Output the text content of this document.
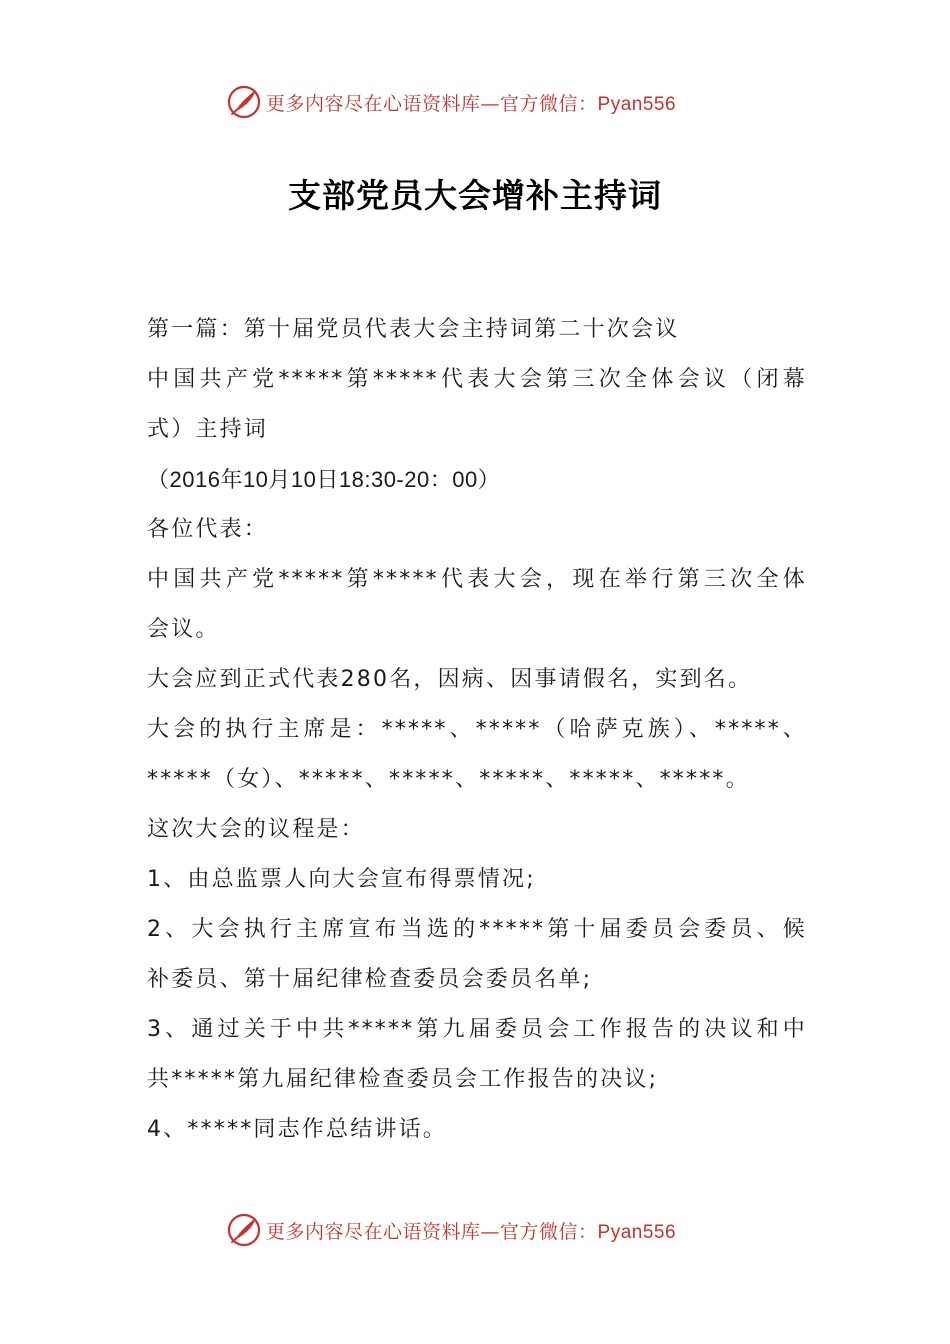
更多内容尽在心语资料库—官方微信：Pyan556
支部党员大会增补主持词

第一篇：第十届党员代表大会主持词第二十次会议

中国共产党*****第*****代表大会第三次全体会议（闭幕

式）主持词

（2016年10月10日18:30-20：00）

各位代表：

中国共产党*****第*****代表大会，现在举行第三次全体

会议。

大会应到正式代表280名，因病、因事请假名，实到名。

大会的执行主席是：*****、*****（哈萨克族）、*****、

*****（女）、*****、*****、*****、*****、*****。

这次大会的议程是：

1、由总监票人向大会宣布得票情况;

2、大会执行主席宣布当选的*****第十届委员会委员、候

补委员、第十届纪律检查委员会委员名单;

3、通过关于中共*****第九届委员会工作报告的决议和中

共*****第九届纪律检查委员会工作报告的决议;

4、*****同志作总结讲话。

更多内容尽在心语资料库—官方微信：Pyan556
